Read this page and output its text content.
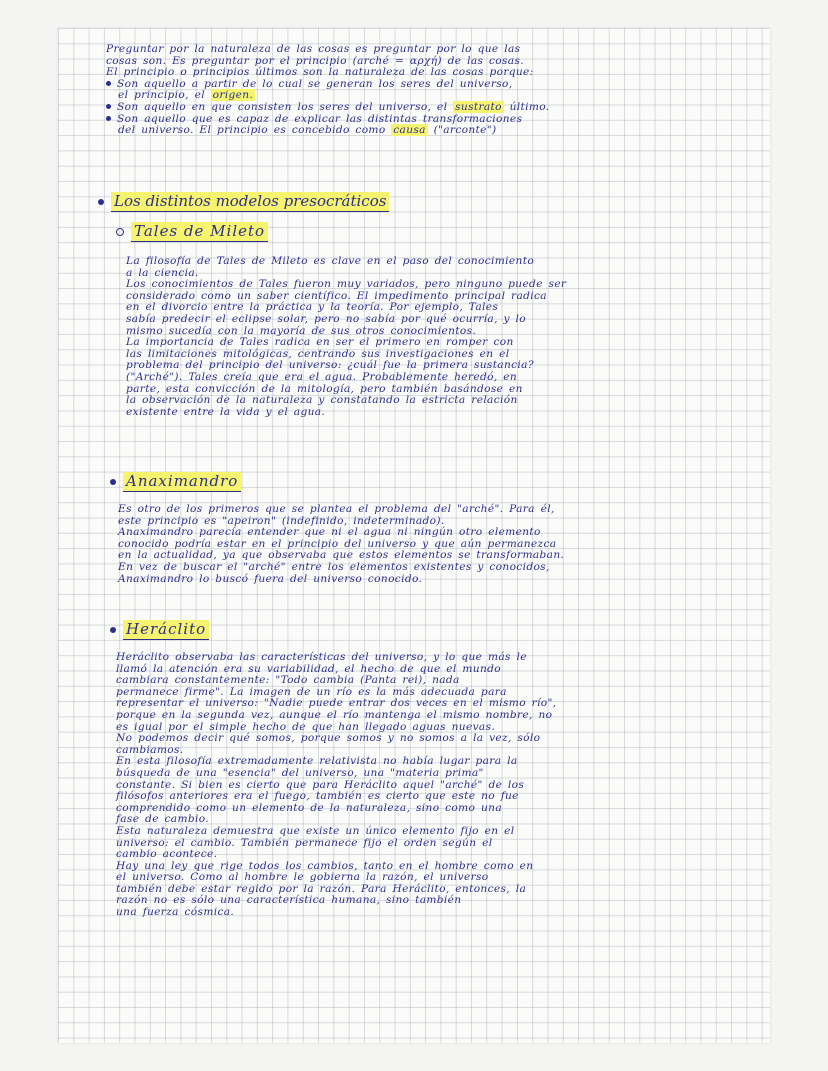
Preguntar por la naturaleza de las cosas es preguntar por lo que las

cosas son. Es preguntar por el principio (arché = αρχή) de las cosas.

El principio o principios últimos son la naturaleza de las cosas porque:

Son aquello a partir de lo cual se generan los seres del universo,
el principio, el origen.

Son aquello en que consisten los seres del universo, el sustrato último.

Son aquello que es capaz de explicar las distintas transformaciones
del universo. El principio es concebido como causa ("arconte")

Los distintos modelos presocráticos
Tales de Mileto

La filosofía de Tales de Mileto es clave en el paso del conocimiento

a la ciencia.

Los conocimientos de Tales fueron muy variados, pero ninguno puede ser

considerado como un saber científico. El impedimento principal radica

en el divorcio entre la práctica y la teoría. Por ejemplo, Tales

sabía predecir el eclipse solar, pero no sabía por qué ocurría, y lo

mismo sucedía con la mayoría de sus otros conocimientos.

La importancia de Tales radica en ser el primero en romper con

las limitaciones mitológicas, centrando sus investigaciones en el

problema del principio del universo: ¿cuál fue la primera sustancia?

("Arché"). Tales creía que era el agua. Probablemente heredó, en

parte, esta convicción de la mitología, pero también basándose en

la observación de la naturaleza y constatando la estricta relación

existente entre la vida y el agua.

Anaximandro

Es otro de los primeros que se plantea el problema del "arché". Para él,

este principio es "apeiron" (indefinido, indeterminado).

Anaximandro parecía entender que ni el agua ni ningún otro elemento

conocido podría estar en el principio del universo y que aún permanezca

en la actualidad, ya que observaba que estos elementos se transformaban.

En vez de buscar el "arché" entre los elementos existentes y conocidos,

Anaximandro lo buscó fuera del universo conocido.

Heráclito

Heráclito observaba las características del universo, y lo que más le

llamó la atención era su variabilidad, el hecho de que el mundo

cambiara constantemente: "Todo cambia (Panta rei), nada

permanece firme". La imagen de un río es la más adecuada para

representar el universo: "Nadie puede entrar dos veces en el mismo río",

porque en la segunda vez, aunque el río mantenga el mismo nombre, no

es igual por el simple hecho de que han llegado aguas nuevas.

No podemos decir qué somos, porque somos y no somos a la vez, sólo

cambiamos.

En esta filosofía extremadamente relativista no había lugar para la

búsqueda de una "esencia" del universo, una "materia prima"

constante. Si bien es cierto que para Heráclito aquel "arché" de los

filósofos anteriores era el fuego, también es cierto que este no fue

comprendido como un elemento de la naturaleza, sino como una

fase de cambio.

Esta naturaleza demuestra que existe un único elemento fijo en el

universo: el cambio. También permanece fijo el orden según el

cambio acontece.

Hay una ley que rige todos los cambios, tanto en el hombre como en

el universo. Como al hombre le gobierna la razón, el universo

también debe estar regido por la razón. Para Heráclito, entonces, la

razón no es sólo una característica humana, sino también

una fuerza cósmica.
